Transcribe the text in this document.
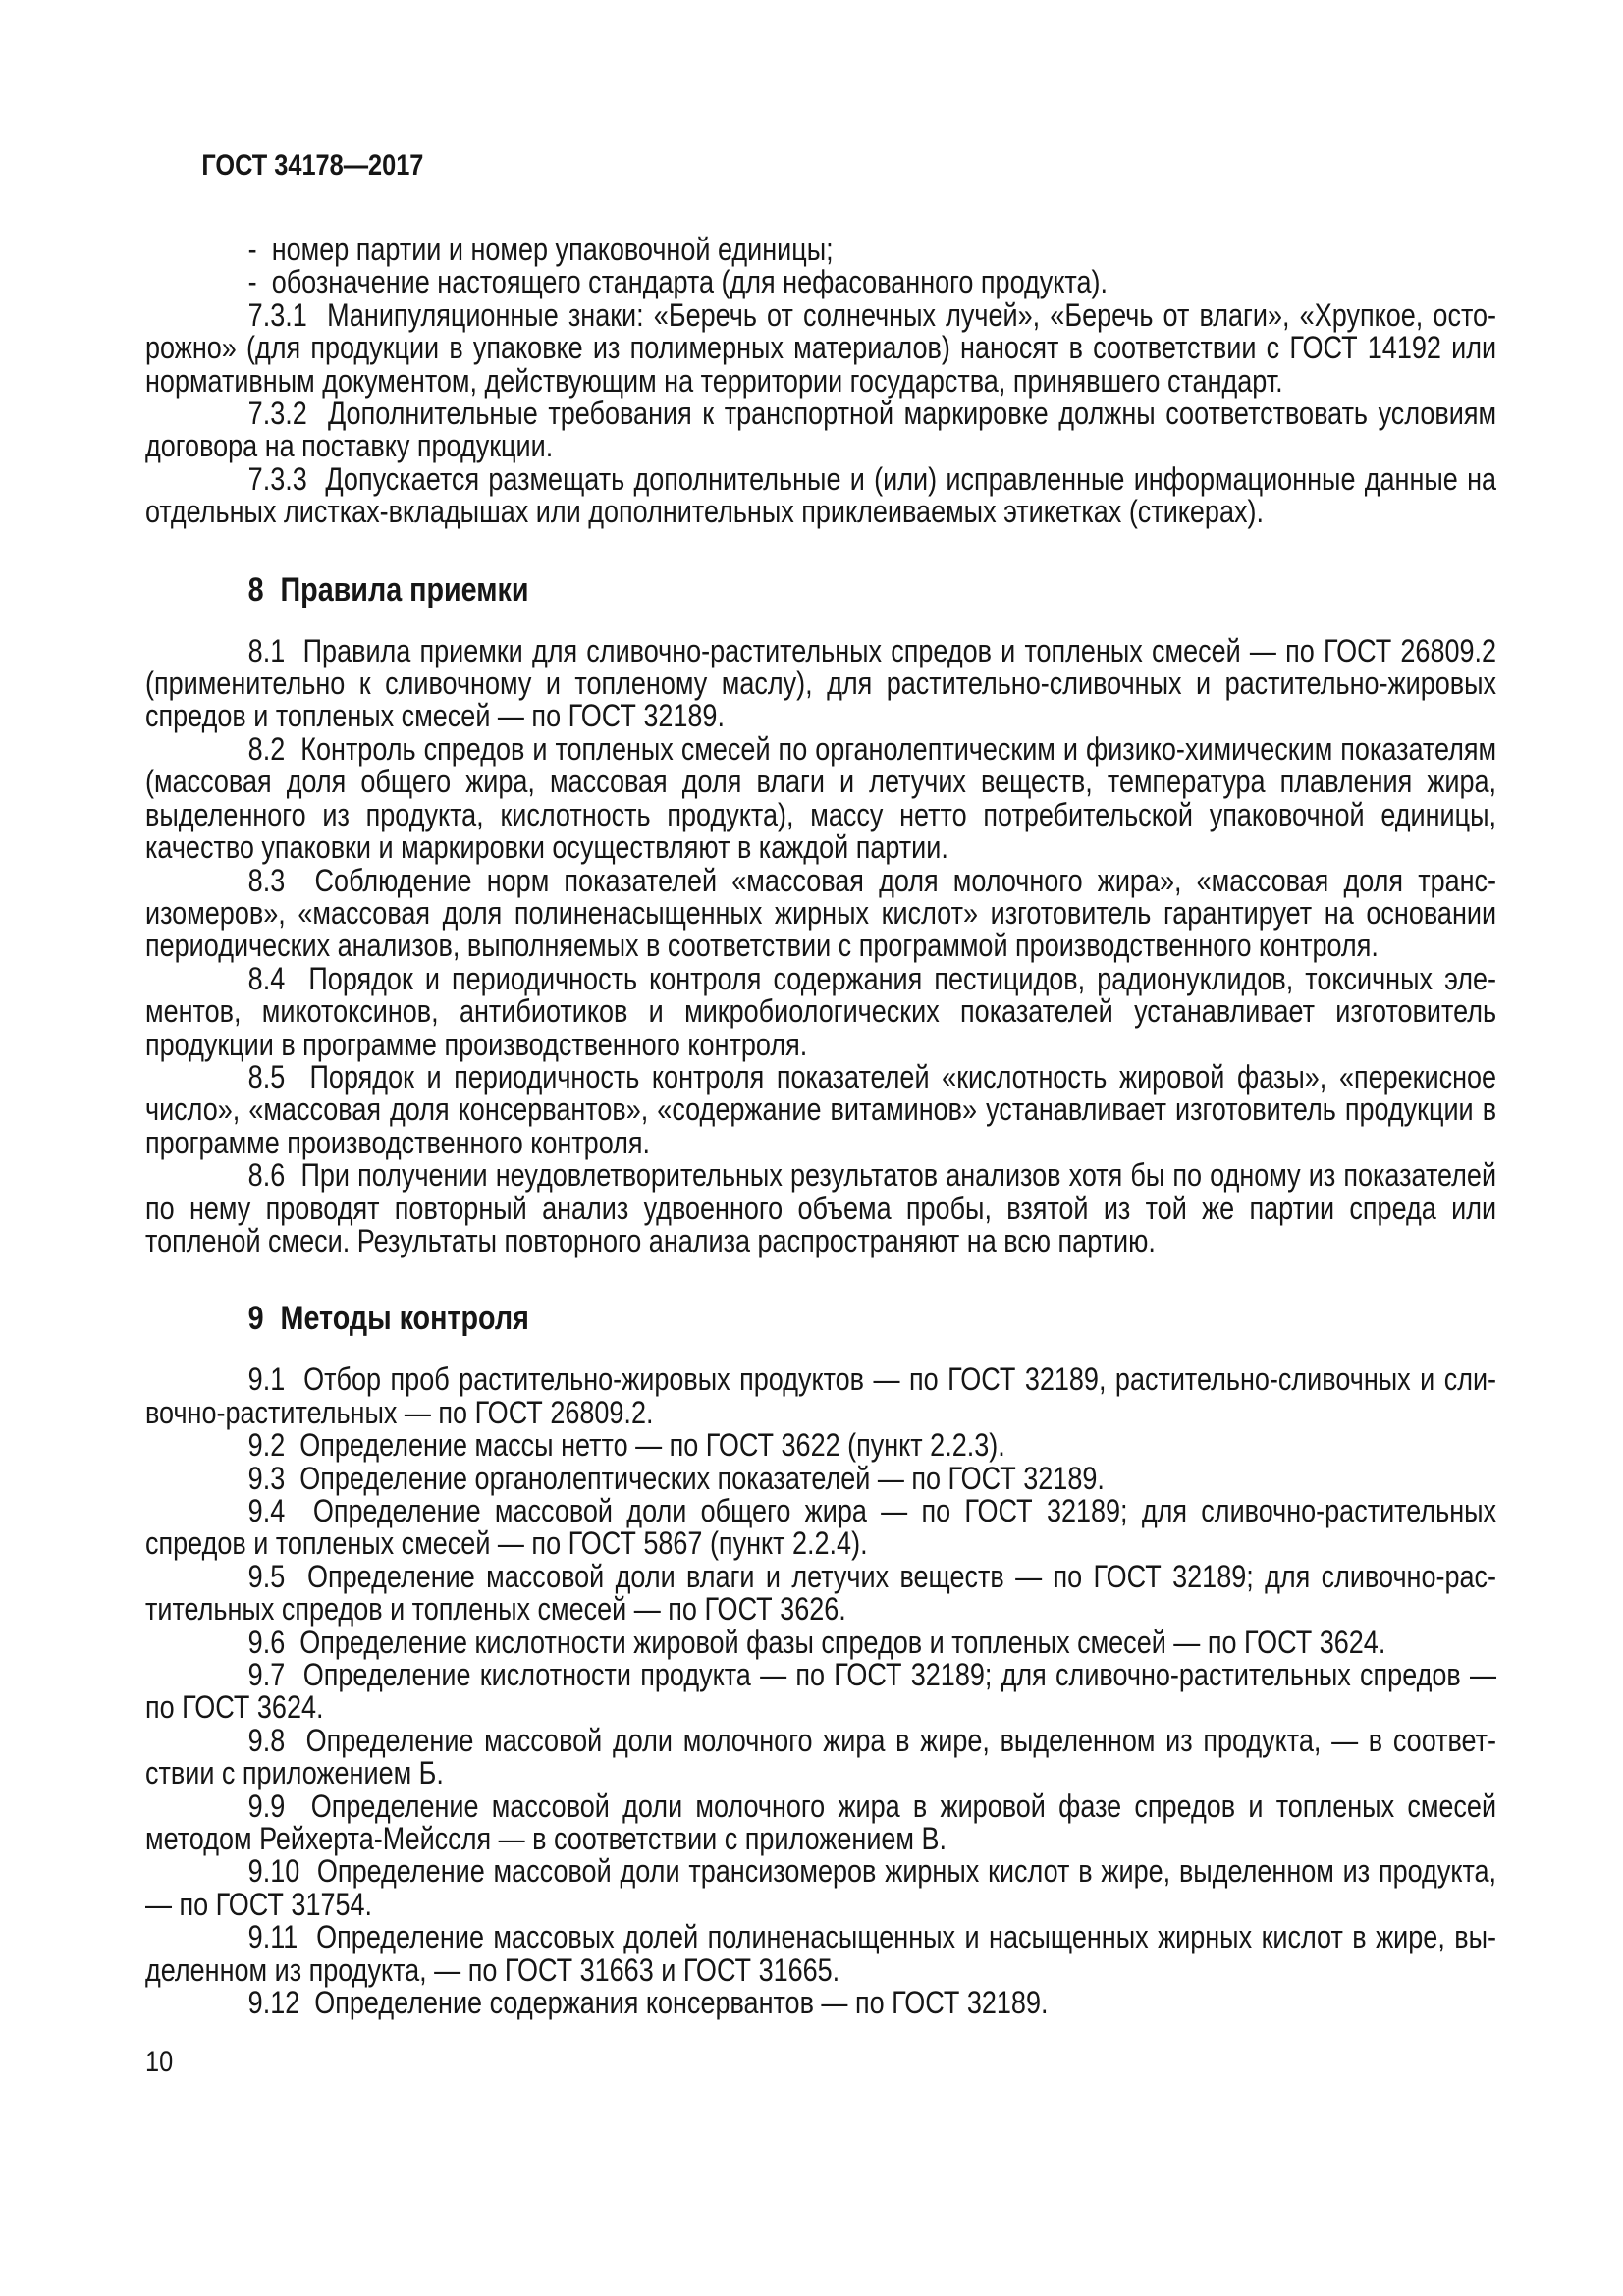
ГОСТ 34178—2017

-  номер партии и номер упаковочной единицы;

-  обозначение настоящего стандарта (для нефасованного продукта).

7.3.1  Манипуляционные знаки: «Беречь от солнечных лучей», «Беречь от влаги», «Хрупкое, осторожно» (для продукции в упаковке из полимерных материалов) наносят в соответствии с ГОСТ 14192 или нормативным документом, действующим на территории государства, принявшего стандарт.

7.3.2  Дополнительные требования к транспортной маркировке должны соответствовать условиям договора на поставку продукции.

7.3.3  Допускается размещать дополнительные и (или) исправленные информационные данные на отдельных листках-вкладышах или дополнительных приклеиваемых этикетках (стикерах).

8 Правила приемки

8.1  Правила приемки для сливочно-растительных спредов и топленых смесей — по ГОСТ 26809.2 (применительно к сливочному и топленому маслу), для растительно-сливочных и растительно-жировых спредов и топленых смесей — по ГОСТ 32189.

8.2  Контроль спредов и топленых смесей по органолептическим и физико-химическим показателям (массовая доля общего жира, массовая доля влаги и летучих веществ, температура плавления жира, выделенного из продукта, кислотность продукта), массу нетто потребительской упаковочной единицы, качество упаковки и маркировки осуществляют в каждой партии.

8.3  Соблюдение норм показателей «массовая доля молочного жира», «массовая доля трансизомеров», «массовая доля полиненасыщенных жирных кислот» изготовитель гарантирует на основании периодических анализов, выполняемых в соответствии с программой производственного контроля.

8.4  Порядок и периодичность контроля содержания пестицидов, радионуклидов, токсичных элементов, микотоксинов, антибиотиков и микробиологических показателей устанавливает изготовитель продукции в программе производственного контроля.

8.5  Порядок и периодичность контроля показателей «кислотность жировой фазы», «перекисное число», «массовая доля консервантов», «содержание витаминов» устанавливает изготовитель продукции в программе производственного контроля.

8.6  При получении неудовлетворительных результатов анализов хотя бы по одному из показателей по нему проводят повторный анализ удвоенного объема пробы, взятой из той же партии спреда или топленой смеси. Результаты повторного анализа распространяют на всю партию.

9 Методы контроля

9.1  Отбор проб растительно-жировых продуктов — по ГОСТ 32189, растительно-сливочных и сливочно-растительных — по ГОСТ 26809.2.

9.2  Определение массы нетто — по ГОСТ 3622 (пункт 2.2.3).

9.3  Определение органолептических показателей — по ГОСТ 32189.

9.4  Определение массовой доли общего жира — по ГОСТ 32189; для сливочно-растительных спредов и топленых смесей — по ГОСТ 5867 (пункт 2.2.4).

9.5  Определение массовой доли влаги и летучих веществ — по ГОСТ 32189; для сливочно-растительных спредов и топленых смесей — по ГОСТ 3626.

9.6  Определение кислотности жировой фазы спредов и топленых смесей — по ГОСТ 3624.

9.7  Определение кислотности продукта — по ГОСТ 32189; для сливочно-растительных спредов — по ГОСТ 3624.

9.8  Определение массовой доли молочного жира в жире, выделенном из продукта, — в соответствии с приложением Б.

9.9  Определение массовой доли молочного жира в жировой фазе спредов и топленых смесей методом Рейхерта-Мейссля — в соответствии с приложением В.

9.10  Определение массовой доли трансизомеров жирных кислот в жире, выделенном из продукта, — по ГОСТ 31754.

9.11  Определение массовых долей полиненасыщенных и насыщенных жирных кислот в жире, выделенном из продукта, — по ГОСТ 31663 и ГОСТ 31665.

9.12  Определение содержания консервантов — по ГОСТ 32189.

10
